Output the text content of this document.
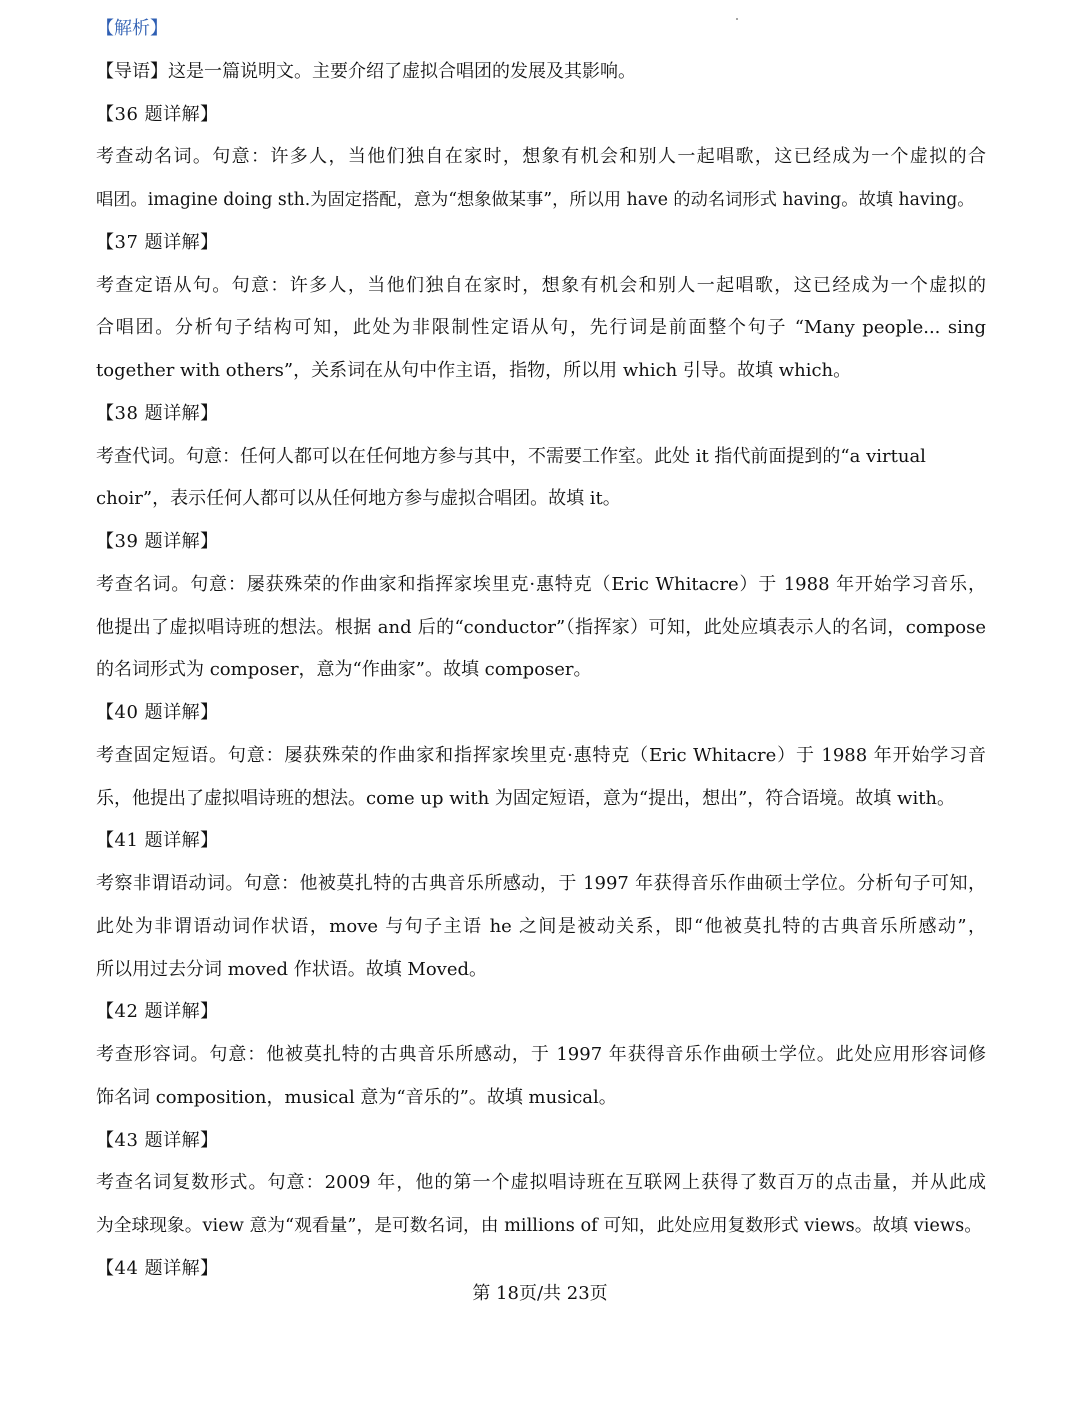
【解析】
【导语】这是一篇说明文。主要介绍了虚拟合唱团的发展及其影响。
【36 题详解】
考查动名词。句意：许多人，当他们独自在家时，想象有机会和别人一起唱歌，这已经成为一个虚拟的合
唱团。imagine doing sth.为固定搭配，意为“想象做某事”，所以用 have 的动名词形式 having。故填 having。
【37 题详解】
考查定语从句。句意：许多人，当他们独自在家时，想象有机会和别人一起唱歌，这已经成为一个虚拟的
合唱团。分析句子结构可知，此处为非限制性定语从句，先行词是前面整个句子 “Many people... sing
together with others”，关系词在从句中作主语，指物，所以用 which 引导。故填 which。
【38 题详解】
考查代词。句意：任何人都可以在任何地方参与其中，不需要工作室。此处 it 指代前面提到的“a virtual
choir”，表示任何人都可以从任何地方参与虚拟合唱团。故填 it。
【39 题详解】
考查名词。句意：屡获殊荣的作曲家和指挥家埃里克·惠特克（Eric Whitacre）于 1988 年开始学习音乐，
他提出了虚拟唱诗班的想法。根据 and 后的“conductor”（指挥家）可知，此处应填表示人的名词，compose
的名词形式为 composer，意为“作曲家”。故填 composer。
【40 题详解】
考查固定短语。句意：屡获殊荣的作曲家和指挥家埃里克·惠特克（Eric Whitacre）于 1988 年开始学习音
乐，他提出了虚拟唱诗班的想法。come up with 为固定短语，意为“提出，想出”，符合语境。故填 with。
【41 题详解】
考察非谓语动词。句意：他被莫扎特的古典音乐所感动，于 1997 年获得音乐作曲硕士学位。分析句子可知，
此处为非谓语动词作状语，move 与句子主语 he 之间是被动关系，即“他被莫扎特的古典音乐所感动”，
所以用过去分词 moved 作状语。故填 Moved。
【42 题详解】
考查形容词。句意：他被莫扎特的古典音乐所感动，于 1997 年获得音乐作曲硕士学位。此处应用形容词修
饰名词 composition，musical 意为“音乐的”。故填 musical。
【43 题详解】
考查名词复数形式。句意：2009 年，他的第一个虚拟唱诗班在互联网上获得了数百万的点击量，并从此成
为全球现象。view 意为“观看量”，是可数名词，由 millions of 可知，此处应用复数形式 views。故填 views。
【44 题详解】
第 18页/共 23页
